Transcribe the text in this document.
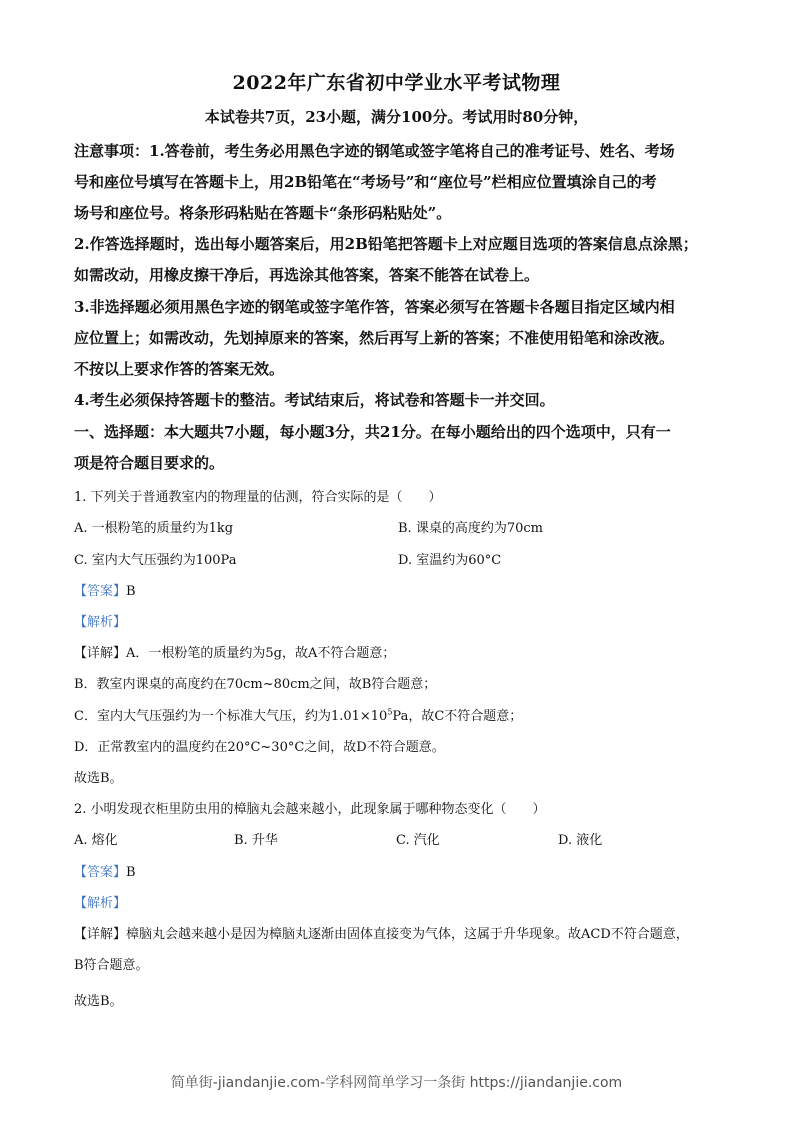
2022年广东省初中学业水平考试物理
本试卷共7页，23小题，满分100分。考试用时80分钟，
注意事项：1.答卷前，考生务必用黑色字迹的钢笔或签字笔将自己的准考证号、姓名、考场
号和座位号填写在答题卡上，用2B铅笔在“考场号”和“座位号”栏相应位置填涂自己的考
场号和座位号。将条形码粘贴在答题卡“条形码粘贴处”。
2.作答选择题时，选出每小题答案后，用2B铅笔把答题卡上对应题目选项的答案信息点涂黑；
如需改动，用橡皮擦干净后，再选涂其他答案，答案不能答在试卷上。
3.非选择题必须用黑色字迹的钢笔或签字笔作答，答案必须写在答题卡各题目指定区域内相
应位置上；如需改动，先划掉原来的答案，然后再写上新的答案；不准使用铅笔和涂改液。
不按以上要求作答的答案无效。
4.考生必须保持答题卡的整洁。考试结束后，将试卷和答题卡一并交回。
一、选择题：本大题共7小题，每小题3分，共21分。在每小题给出的四个选项中，只有一
项是符合题目要求的。
1. 下列关于普通教室内的物理量的估测，符合实际的是（　　）
A. 一根粉笔的质量约为1kg	B. 课桌的高度约为70cm
C. 室内大气压强约为100Pa	D. 室温约为60°C
【答案】B
【解析】
【详解】A．一根粉笔的质量约为5g，故A不符合题意；
B．教室内课桌的高度约在70cm~80cm之间，故B符合题意；
C．室内大气压强约为一个标准大气压，约为$1.01\times 10^5Pa$，故C不符合题意；
D．正常教室内的温度约在20°C~30°C之间，故D不符合题意。
故选B。
2. 小明发现衣柜里防虫用的樟脑丸会越来越小，此现象属于哪种物态变化（　　）
A. 熔化	B. 升华	C. 汽化	D. 液化
【答案】B
【解析】
【详解】樟脑丸会越来越小是因为樟脑丸逐渐由固体直接变为气体，这属于升华现象。故ACD不符合题意，
B符合题意。
故选B。
简单街-jiandanjie.com-学科网简单学习一条街 https://jiandanjie.com
